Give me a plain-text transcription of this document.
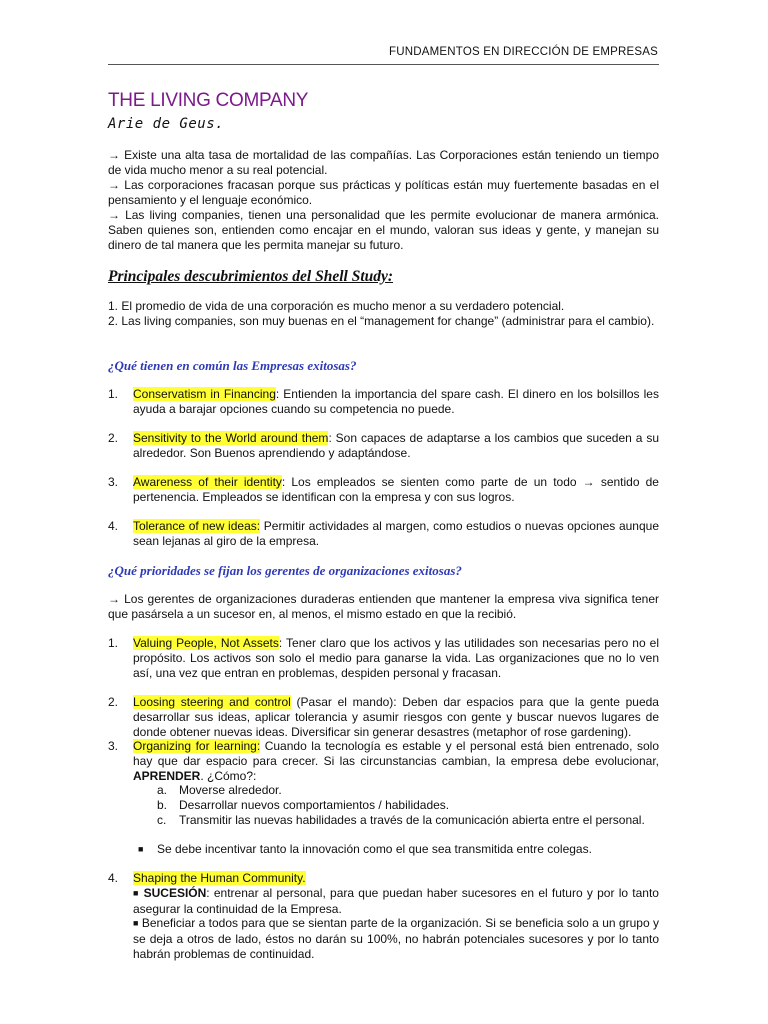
FUNDAMENTOS EN DIRECCIÓN DE EMPRESAS
THE LIVING COMPANY
Arie de Geus.
→ Existe una alta tasa de mortalidad de las compañías. Las Corporaciones están teniendo un tiempo de vida mucho menor a su real potencial.
→ Las corporaciones fracasan porque sus prácticas y políticas están muy fuertemente basadas en el pensamiento y el lenguaje económico.
→ Las living companies, tienen una personalidad que les permite evolucionar de manera armónica. Saben quienes son, entienden como encajar en el mundo, valoran sus ideas y gente, y manejan su dinero de tal manera que les permita manejar su futuro.
Principales descubrimientos del Shell Study:
1. El promedio de vida de una corporación es mucho menor a su verdadero potencial.
2. Las living companies, son muy buenas en el “management for change” (administrar para el cambio).
¿Qué tienen en común las Empresas exitosas?
1. Conservatism in Financing: Entienden la importancia del spare cash. El dinero en los bolsillos les ayuda a barajar opciones cuando su competencia no puede.
2. Sensitivity to the World around them: Son capaces de adaptarse a los cambios que suceden a su alrededor. Son Buenos aprendiendo y adaptándose.
3. Awareness of their identity: Los empleados se sienten como parte de un todo → sentido de pertenencia. Empleados se identifican con la empresa y con sus logros.
4. Tolerance of new ideas: Permitir actividades al margen, como estudios o nuevas opciones aunque sean lejanas al giro de la empresa.
¿Qué prioridades se fijan los gerentes de organizaciones exitosas?
→ Los gerentes de organizaciones duraderas entienden que mantener la empresa viva significa tener que pasársela a un sucesor en, al menos, el mismo estado en que la recibió.
1. Valuing People, Not Assets: Tener claro que los activos y las utilidades son necesarias pero no el propósito. Los activos son solo el medio para ganarse la vida. Las organizaciones que no lo ven así, una vez que entran en problemas, despiden personal y fracasan.
2. Loosing steering and control (Pasar el mando): Deben dar espacios para que la gente pueda desarrollar sus ideas, aplicar tolerancia y asumir riesgos con gente y buscar nuevos lugares de donde obtener nuevas ideas. Diversificar sin generar desastres (metaphor of rose gardening).
3. Organizing for learning: Cuando la tecnología es estable y el personal está bien entrenado, solo hay que dar espacio para crecer. Si las circunstancias cambian, la empresa debe evolucionar, APRENDER. ¿Cómo?:
a. Moverse alrededor.
b. Desarrollar nuevos comportamientos / habilidades.
c. Transmitir las nuevas habilidades a través de la comunicación abierta entre el personal.
■ Se debe incentivar tanto la innovación como el que sea transmitida entre colegas.
4. Shaping the Human Community.
■ SUCESIÓN: entrenar al personal, para que puedan haber sucesores en el futuro y por lo tanto asegurar la continuidad de la Empresa.
■ Beneficiar a todos para que se sientan parte de la organización. Si se beneficia solo a un grupo y se deja a otros de lado, éstos no darán su 100%, no habrán potenciales sucesores y por lo tanto habrán problemas de continuidad.
